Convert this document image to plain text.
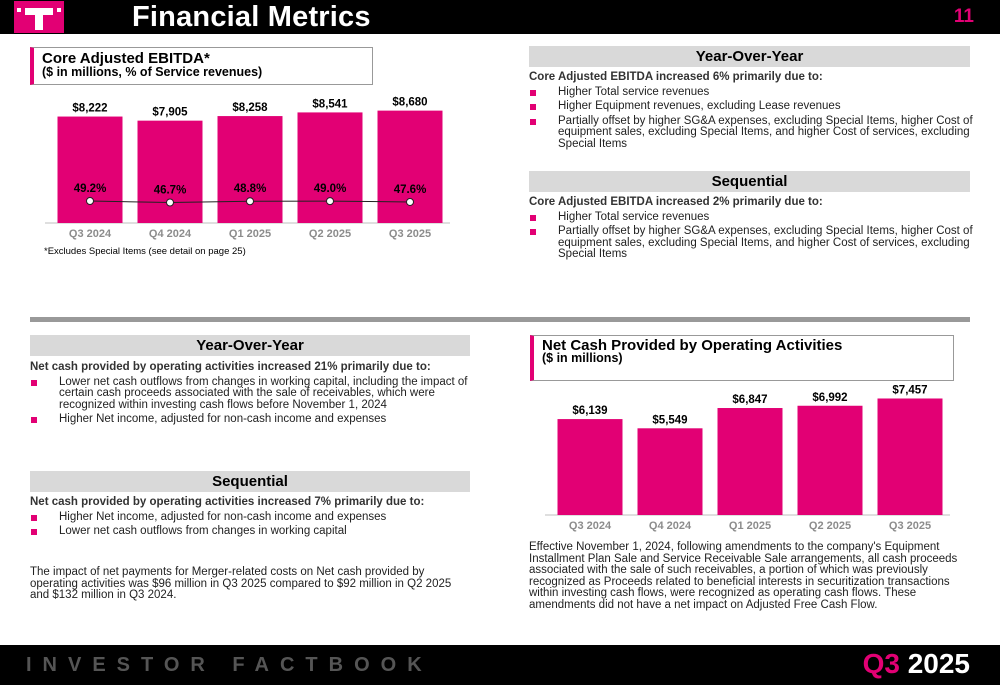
Financial Metrics	11
Core Adjusted EBITDA*
($ in millions, % of Service revenues)
$8,222
Q3 2024
$7,905
Q4 2024
$8,258
Q1 2025
$8,541
Q2 2025
$8,680
Q3 2025
49.2%	46.7%	48.8%	49.0%	47.6%
*Excludes Special Items (see detail on page 25)
Year-Over-Year
Core Adjusted EBITDA increased 6% primarily due to:
Higher Total service revenues
Higher Equipment revenues, excluding Lease revenues
Partially offset by higher SG&A expenses, excluding Special Items, higher Cost of equipment sales, excluding Special Items, and higher Cost of services, excluding Special Items
Sequential
Core Adjusted EBITDA increased 2% primarily due to:
Higher Total service revenues
Partially offset by higher SG&A expenses, excluding Special Items, higher Cost of equipment sales, excluding Special Items, and higher Cost of services, excluding Special Items
Year-Over-Year
Net cash provided by operating activities increased 21% primarily due to:
Lower net cash outflows from changes in working capital, including the impact of certain cash proceeds associated with the sale of receivables, which were recognized within investing cash flows before November 1, 2024
Higher Net income, adjusted for non-cash income and expenses
Sequential
Net cash provided by operating activities increased 7% primarily due to:
Higher Net income, adjusted for non-cash income and expenses
Lower net cash outflows from changes in working capital
The impact of net payments for Merger-related costs on Net cash provided by operating activities was $96 million in Q3 2025 compared to $92 million in Q2 2025 and $132 million in Q3 2024.
Net Cash Provided by Operating Activities
($ in millions)
$6,139
Q3 2024
$5,549
Q4 2024
$6,847
Q1 2025
$6,992
Q2 2025
$7,457
Q3 2025
Effective November 1, 2024, following amendments to the company's Equipment Installment Plan Sale and Service Receivable Sale arrangements, all cash proceeds associated with the sale of such receivables, a portion of which was previously recognized as Proceeds related to beneficial interests in securitization transactions within investing cash flows, were recognized as operating cash flows. These amendments did not have a net impact on Adjusted Free Cash Flow.
INVESTOR FACTBOOK	Q3 2025
